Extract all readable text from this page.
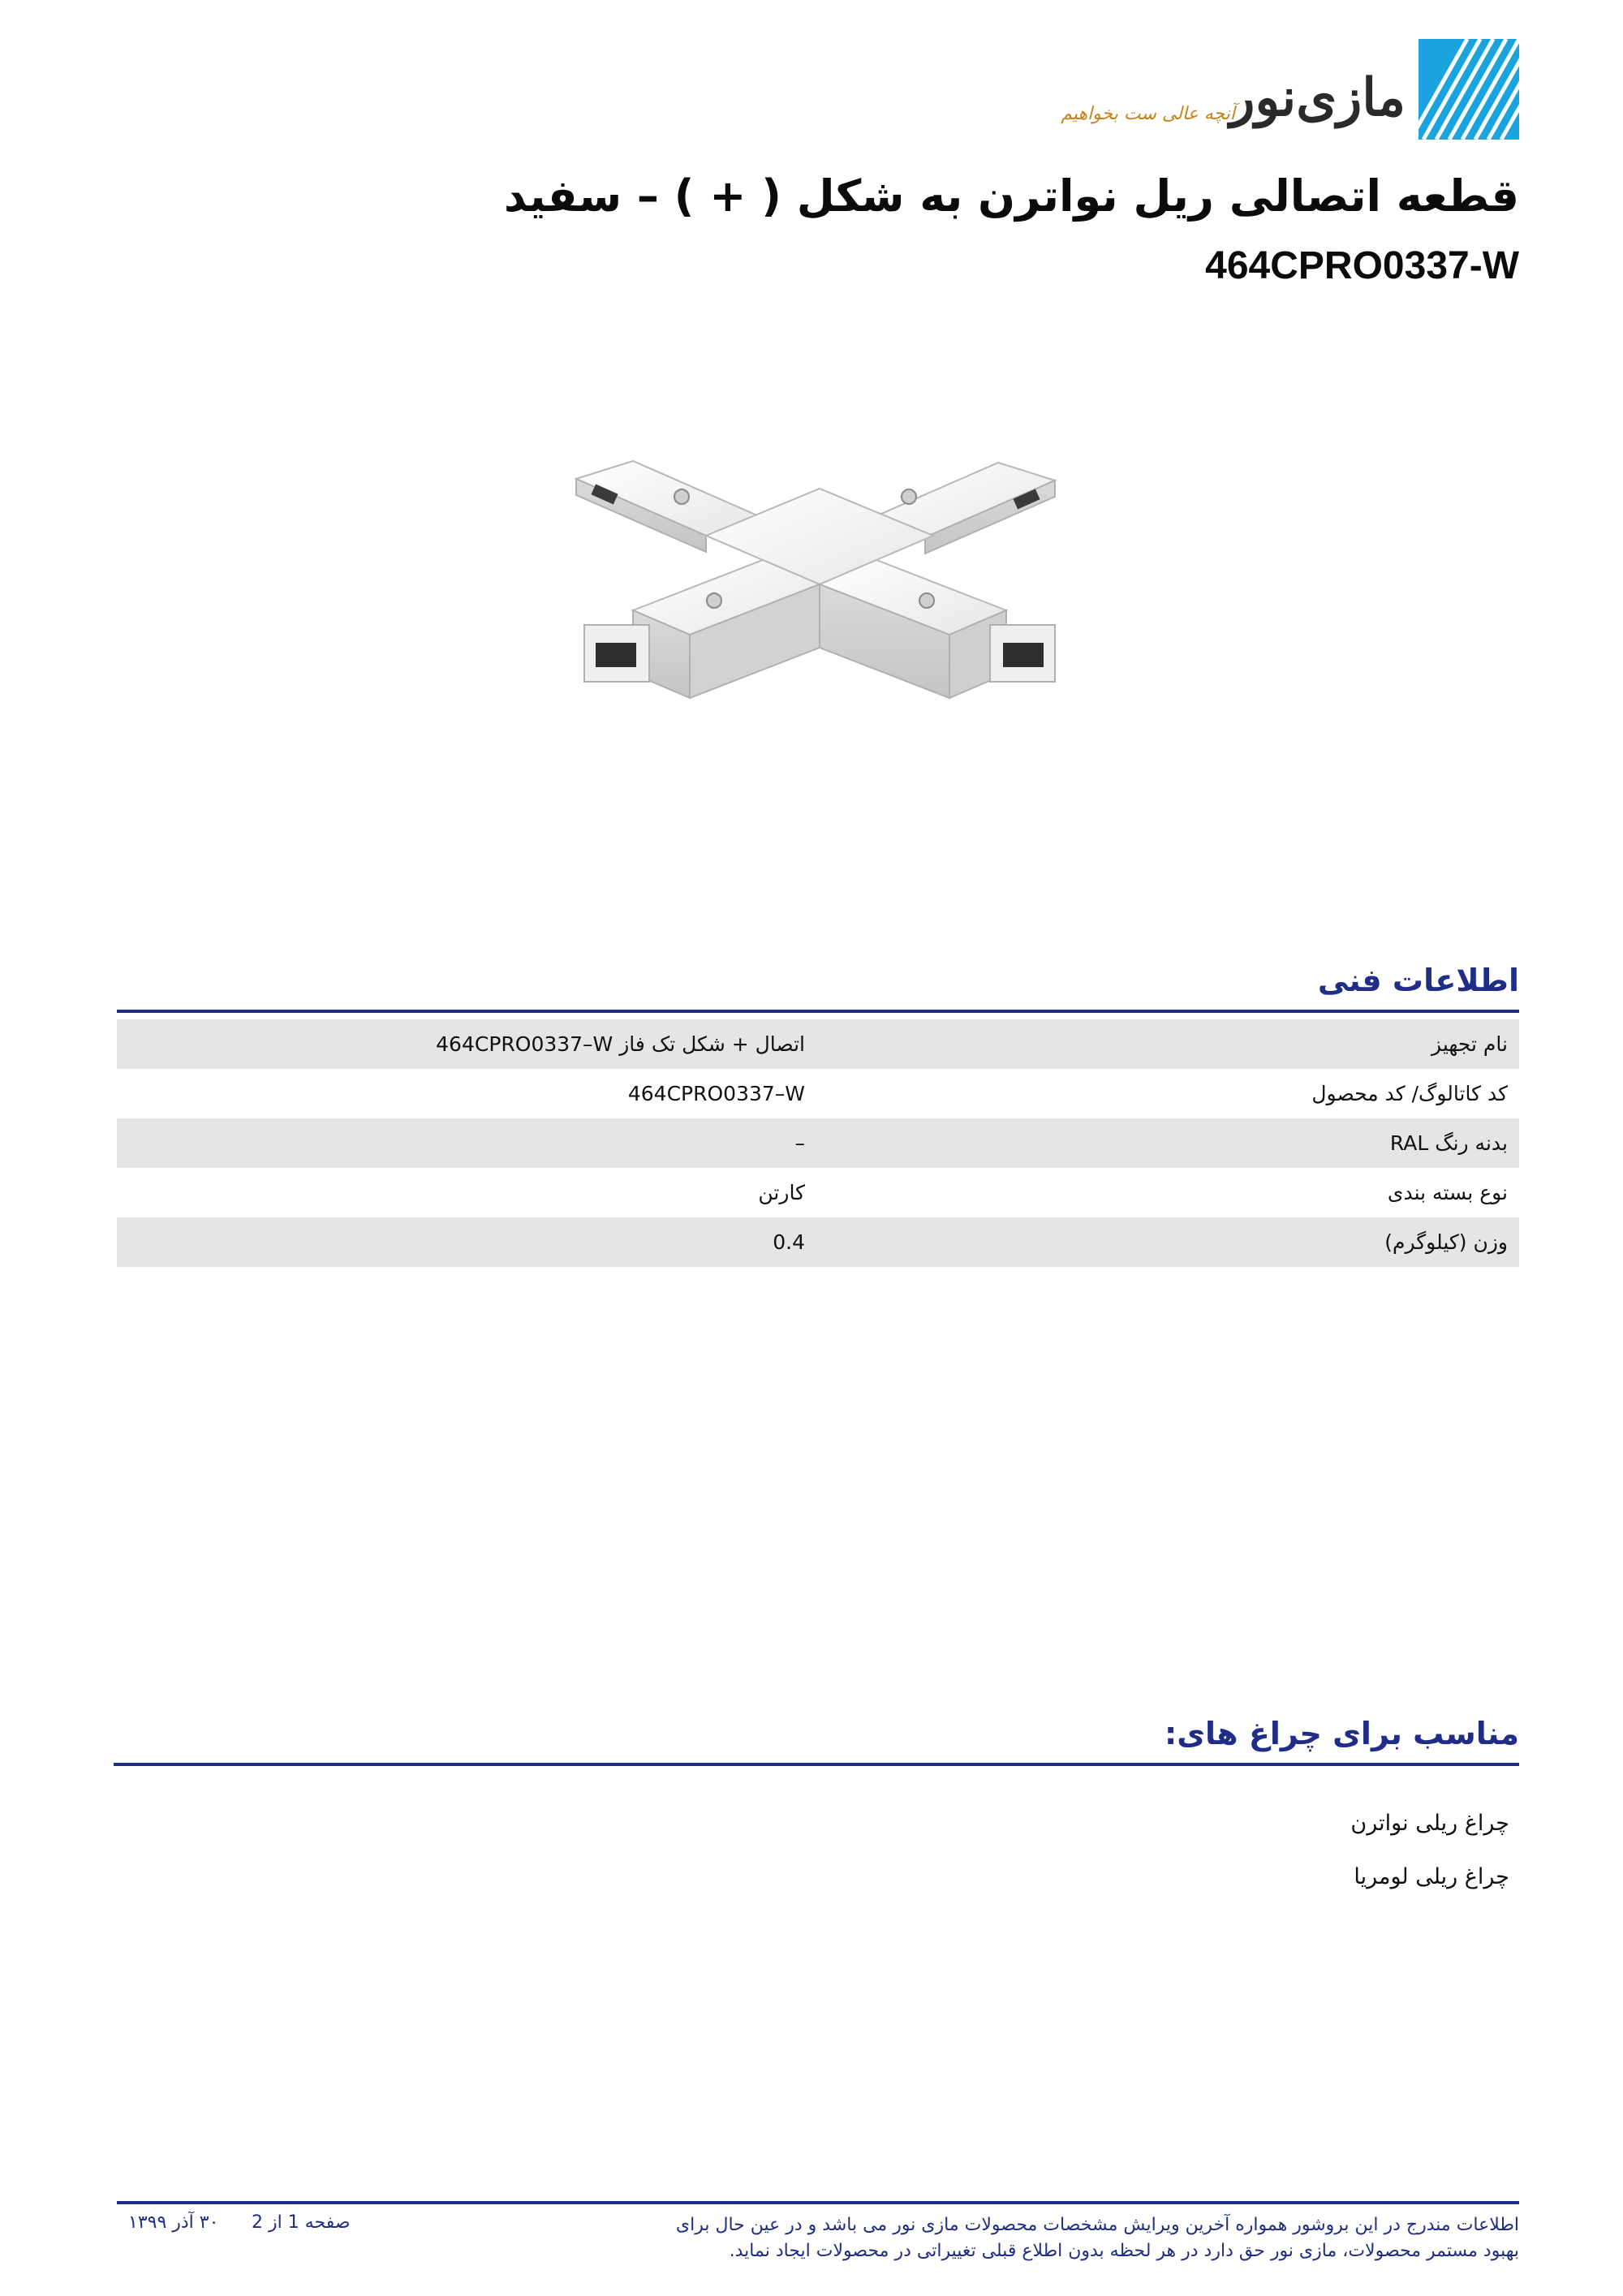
مازی‌نور
آنچه عالی ست بخواهیم
قطعه اتصالی ریل نواترن به شکل ( + ) – سفید
464CPRO0337-W
اطلاعات فنی
نام تجهیز	اتصال + شکل تک فاز 464CPRO0337–W
کد کاتالوگ/ کد محصول	464CPRO0337–W
بدنه رنگ RAL	–
نوع بسته بندی	کارتن
وزن (کیلوگرم)	0.4
مناسب برای چراغ های:
چراغ ریلی نواترن
چراغ ریلی لومریا
اطلاعات مندرج در این بروشور همواره آخرین ویرایش مشخصات محصولات مازی نور می باشد و در عین حال برای بهبود مستمر محصولات، مازی نور حق دارد در هر لحظه بدون اطلاع قبلی تغییراتی در محصولات ایجاد نماید.
صفحه 1 از 2
۳۰ آذر ۱۳۹۹
